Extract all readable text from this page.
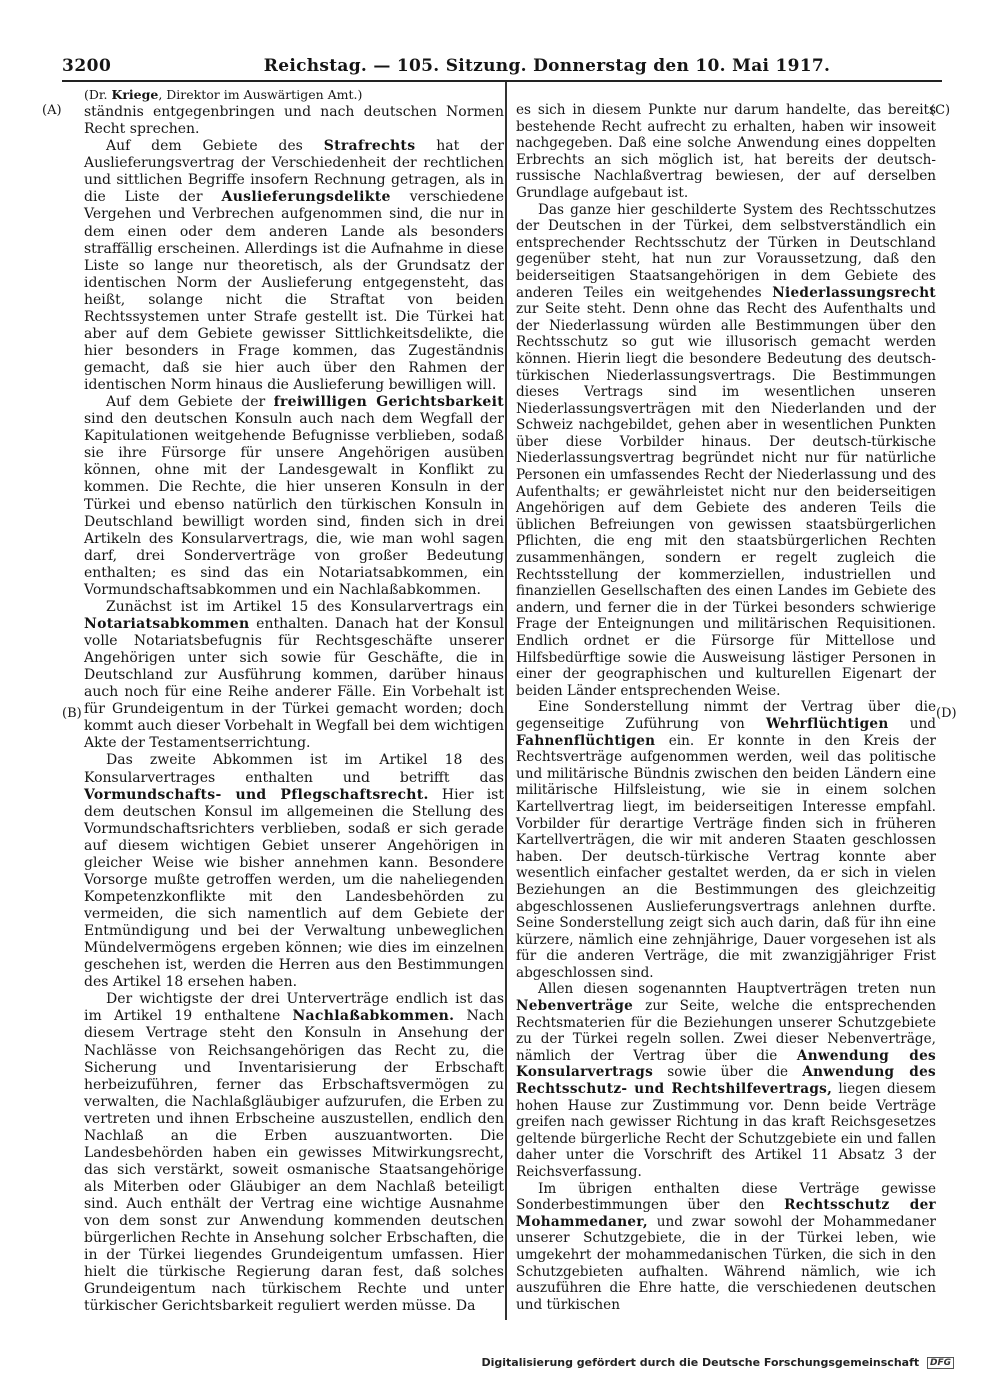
3200	Reichstag. — 105. Sitzung. Donnerstag den 10. Mai 1917.
(A)
(B)
(C)
(D)
(Dr. Kriege, Direktor im Auswärtigen Amt.)

ständnis entgegenbringen und nach deutschen Normen Recht sprechen.

Auf dem Gebiete des Strafrechts hat der Auslieferungsvertrag der Verschiedenheit der rechtlichen und sittlichen Begriffe insofern Rechnung getragen, als in die Liste der Auslieferungsdelikte verschiedene Vergehen und Verbrechen aufgenommen sind, die nur in dem einen oder dem anderen Lande als besonders straffällig erscheinen. Allerdings ist die Aufnahme in diese Liste so lange nur theoretisch, als der Grundsatz der identischen Norm der Auslieferung entgegensteht, das heißt, solange nicht die Straftat von beiden Rechtssystemen unter Strafe gestellt ist. Die Türkei hat aber auf dem Gebiete gewisser Sittlichkeitsdelikte, die hier besonders in Frage kommen, das Zugeständnis gemacht, daß sie hier auch über den Rahmen der identischen Norm hinaus die Auslieferung bewilligen will.

Auf dem Gebiete der freiwilligen Gerichtsbarkeit sind den deutschen Konsuln auch nach dem Wegfall der Kapitulationen weitgehende Befugnisse verblieben, sodaß sie ihre Fürsorge für unsere Angehörigen ausüben können, ohne mit der Landesgewalt in Konflikt zu kommen. Die Rechte, die hier unseren Konsuln in der Türkei und ebenso natürlich den türkischen Konsuln in Deutschland bewilligt worden sind, finden sich in drei Artikeln des Konsularvertrags, die, wie man wohl sagen darf, drei Sonderverträge von großer Bedeutung enthalten; es sind das ein Notariatsabkommen, ein Vormundschaftsabkommen und ein Nachlaßabkommen.

Zunächst ist im Artikel 15 des Konsularvertrags ein Notariatsabkommen enthalten. Danach hat der Konsul volle Notariatsbefugnis für Rechtsgeschäfte unserer Angehörigen unter sich sowie für Geschäfte, die in Deutschland zur Ausführung kommen, darüber hinaus auch noch für eine Reihe anderer Fälle. Ein Vorbehalt ist für Grundeigentum in der Türkei gemacht worden; doch kommt auch dieser Vorbehalt in Wegfall bei dem wichtigen Akte der Testamentserrichtung.

Das zweite Abkommen ist im Artikel 18 des Konsularvertrages enthalten und betrifft das Vormundschafts- und Pflegschaftsrecht. Hier ist dem deutschen Konsul im allgemeinen die Stellung des Vormundschaftsrichters verblieben, sodaß er sich gerade auf diesem wichtigen Gebiet unserer Angehörigen in gleicher Weise wie bisher annehmen kann. Besondere Vorsorge mußte getroffen werden, um die naheliegenden Kompetenzkonflikte mit den Landesbehörden zu vermeiden, die sich namentlich auf dem Gebiete der Entmündigung und bei der Verwaltung unbeweglichen Mündelvermögens ergeben können; wie dies im einzelnen geschehen ist, werden die Herren aus den Bestimmungen des Artikel 18 ersehen haben.

Der wichtigste der drei Unterverträge endlich ist das im Artikel 19 enthaltene Nachlaßabkommen. Nach diesem Vertrage steht den Konsuln in Ansehung der Nachlässe von Reichsangehörigen das Recht zu, die Sicherung und Inventarisierung der Erbschaft herbeizuführen, ferner das Erbschaftsvermögen zu verwalten, die Nachlaßgläubiger aufzurufen, die Erben zu vertreten und ihnen Erbscheine auszustellen, endlich den Nachlaß an die Erben auszuantworten. Die Landesbehörden haben ein gewisses Mitwirkungsrecht, das sich verstärkt, soweit osmanische Staatsangehörige als Miterben oder Gläubiger an dem Nachlaß beteiligt sind. Auch enthält der Vertrag eine wichtige Ausnahme von dem sonst zur Anwendung kommenden deutschen bürgerlichen Rechte in Ansehung solcher Erbschaften, die in der Türkei liegendes Grundeigentum umfassen. Hier hielt die türkische Regierung daran fest, daß solches Grundeigentum nach türkischem Rechte und unter türkischer Gerichtsbarkeit reguliert werden müsse. Da

es sich in diesem Punkte nur darum handelte, das bereits bestehende Recht aufrecht zu erhalten, haben wir insoweit nachgegeben. Daß eine solche Anwendung eines doppelten Erbrechts an sich möglich ist, hat bereits der deutsch-russische Nachlaßvertrag bewiesen, der auf derselben Grundlage aufgebaut ist.

Das ganze hier geschilderte System des Rechtsschutzes der Deutschen in der Türkei, dem selbstverständlich ein entsprechender Rechtsschutz der Türken in Deutschland gegenüber steht, hat nun zur Voraussetzung, daß den beiderseitigen Staatsangehörigen in dem Gebiete des anderen Teiles ein weitgehendes Niederlassungsrecht zur Seite steht. Denn ohne das Recht des Aufenthalts und der Niederlassung würden alle Bestimmungen über den Rechtsschutz so gut wie illusorisch gemacht werden können. Hierin liegt die besondere Bedeutung des deutsch-türkischen Niederlassungsvertrags. Die Bestimmungen dieses Vertrags sind im wesentlichen unseren Niederlassungsverträgen mit den Niederlanden und der Schweiz nachgebildet, gehen aber in wesentlichen Punkten über diese Vorbilder hinaus. Der deutsch-türkische Niederlassungsvertrag begründet nicht nur für natürliche Personen ein umfassendes Recht der Niederlassung und des Aufenthalts; er gewährleistet nicht nur den beiderseitigen Angehörigen auf dem Gebiete des anderen Teils die üblichen Befreiungen von gewissen staatsbürgerlichen Pflichten, die eng mit den staatsbürgerlichen Rechten zusammenhängen, sondern er regelt zugleich die Rechtsstellung der kommerziellen, industriellen und finanziellen Gesellschaften des einen Landes im Gebiete des andern, und ferner die in der Türkei besonders schwierige Frage der Enteignungen und militärischen Requisitionen. Endlich ordnet er die Fürsorge für Mittellose und Hilfsbedürftige sowie die Ausweisung lästiger Personen in einer der geographischen und kulturellen Eigenart der beiden Länder entsprechenden Weise.

Eine Sonderstellung nimmt der Vertrag über die gegenseitige Zuführung von Wehrflüchtigen und Fahnenflüchtigen ein. Er konnte in den Kreis der Rechtsverträge aufgenommen werden, weil das politische und militärische Bündnis zwischen den beiden Ländern eine militärische Hilfsleistung, wie sie in einem solchen Kartellvertrag liegt, im beiderseitigen Interesse empfahl. Vorbilder für derartige Verträge finden sich in früheren Kartellverträgen, die wir mit anderen Staaten geschlossen haben. Der deutsch-türkische Vertrag konnte aber wesentlich einfacher gestaltet werden, da er sich in vielen Beziehungen an die Bestimmungen des gleichzeitig abgeschlossenen Auslieferungsvertrags anlehnen durfte. Seine Sonderstellung zeigt sich auch darin, daß für ihn eine kürzere, nämlich eine zehnjährige, Dauer vorgesehen ist als für die anderen Verträge, die mit zwanzigjähriger Frist abgeschlossen sind.

Allen diesen sogenannten Hauptverträgen treten nun Nebenverträge zur Seite, welche die entsprechenden Rechtsmaterien für die Beziehungen unserer Schutzgebiete zu der Türkei regeln sollen. Zwei dieser Nebenverträge, nämlich der Vertrag über die Anwendung des Konsularvertrags sowie über die Anwendung des Rechtsschutz- und Rechtshilfevertrags, liegen diesem hohen Hause zur Zustimmung vor. Denn beide Verträge greifen nach gewisser Richtung in das kraft Reichsgesetzes geltende bürgerliche Recht der Schutzgebiete ein und fallen daher unter die Vorschrift des Artikel 11 Absatz 3 der Reichsverfassung.

Im übrigen enthalten diese Verträge gewisse Sonderbestimmungen über den Rechtsschutz der Mohammedaner, und zwar sowohl der Mohammedaner unserer Schutzgebiete, die in der Türkei leben, wie umgekehrt der mohammedanischen Türken, die sich in den Schutzgebieten aufhalten. Während nämlich, wie ich auszuführen die Ehre hatte, die verschiedenen deutschen und türkischen

Digitalisierung gefördert durch die Deutsche Forschungsgemeinschaft DFG
